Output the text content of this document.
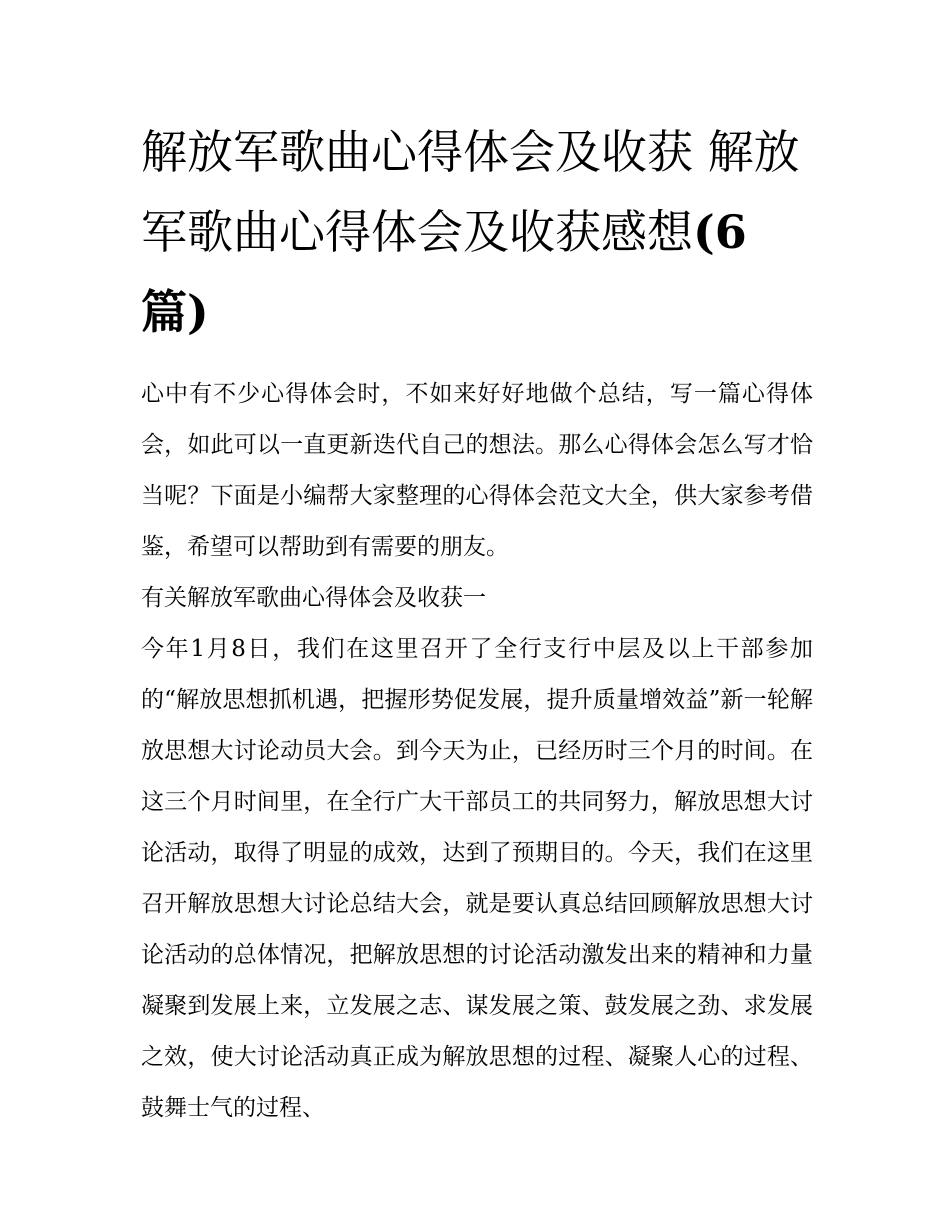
解放军歌曲心得体会及收获 解放军歌曲心得体会及收获感想(6篇)

心中有不少心得体会时，不如来好好地做个总结，写一篇心得体会，如此可以一直更新迭代自己的想法。那么心得体会怎么写才恰当呢？下面是小编帮大家整理的心得体会范文大全，供大家参考借鉴，希望可以帮助到有需要的朋友。

有关解放军歌曲心得体会及收获一

今年1月8日，我们在这里召开了全行支行中层及以上干部参加的“解放思想抓机遇，把握形势促发展，提升质量增效益”新一轮解放思想大讨论动员大会。到今天为止，已经历时三个月的时间。在这三个月时间里，在全行广大干部员工的共同努力，解放思想大讨论活动，取得了明显的成效，达到了预期目的。今天，我们在这里召开解放思想大讨论总结大会，就是要认真总结回顾解放思想大讨论活动的总体情况，把解放思想的讨论活动激发出来的精神和力量凝聚到发展上来，立发展之志、谋发展之策、鼓发展之劲、求发展之效，使大讨论活动真正成为解放思想的过程、凝聚人心的过程、鼓舞士气的过程、
